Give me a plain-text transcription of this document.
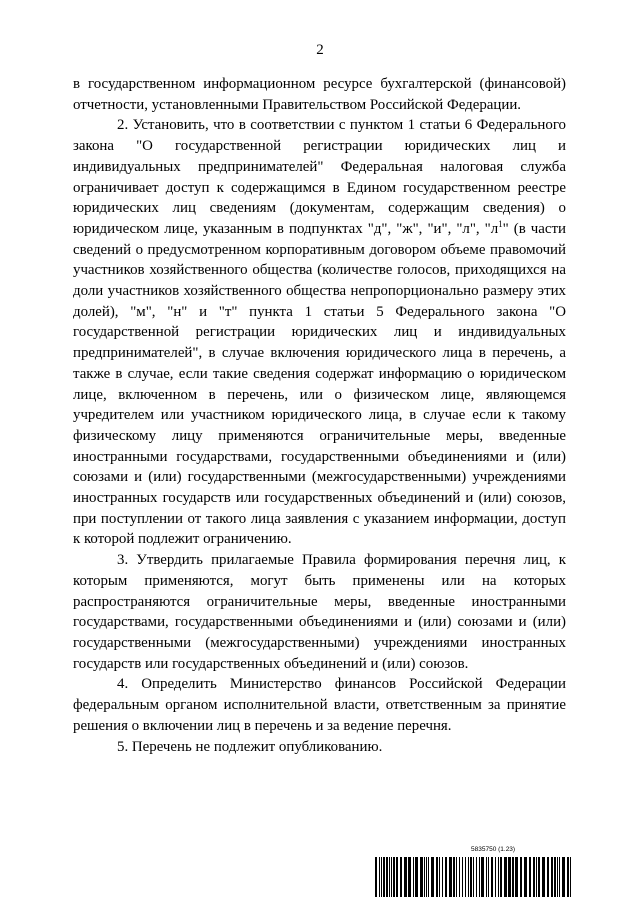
2

в государственном информационном ресурсе бухгалтерской (финансовой) отчетности, установленными Правительством Российской Федерации.

2. Установить, что в соответствии с пунктом 1 статьи 6 Федерального закона "О государственной регистрации юридических лиц и индивидуальных предпринимателей" Федеральная налоговая служба ограничивает доступ к содержащимся в Едином государственном реестре юридических лиц сведениям (документам, содержащим сведения) о юридическом лице, указанным в подпунктах "д", "ж", "и", "л", "$л^1$" (в части сведений о предусмотренном корпоративным договором объеме правомочий участников хозяйственного общества (количестве голосов, приходящихся на доли участников хозяйственного общества непропорционально размеру этих долей), "м", "н" и "т" пункта 1 статьи 5 Федерального закона "О государственной регистрации юридических лиц и индивидуальных предпринимателей", в случае включения юридического лица в перечень, а также в случае, если такие сведения содержат информацию о юридическом лице, включенном в перечень, или о физическом лице, являющемся учредителем или участником юридического лица, в случае если к такому физическому лицу применяются ограничительные меры, введенные иностранными государствами, государственными объединениями и (или) союзами и (или) государственными (межгосударственными) учреждениями иностранных государств или государственных объединений и (или) союзов, при поступлении от такого лица заявления с указанием информации, доступ к которой подлежит ограничению.

3. Утвердить прилагаемые Правила формирования перечня лиц, к которым применяются, могут быть применены или на которых распространяются ограничительные меры, введенные иностранными государствами, государственными объединениями и (или) союзами и (или) государственными (межгосударственными) учреждениями иностранных государств или государственных объединений и (или) союзов.

4. Определить Министерство финансов Российской Федерации федеральным органом исполнительной власти, ответственным за принятие решения о включении лиц в перечень и за ведение перечня.

5. Перечень не подлежит опубликованию.

5835750 (1.23)
